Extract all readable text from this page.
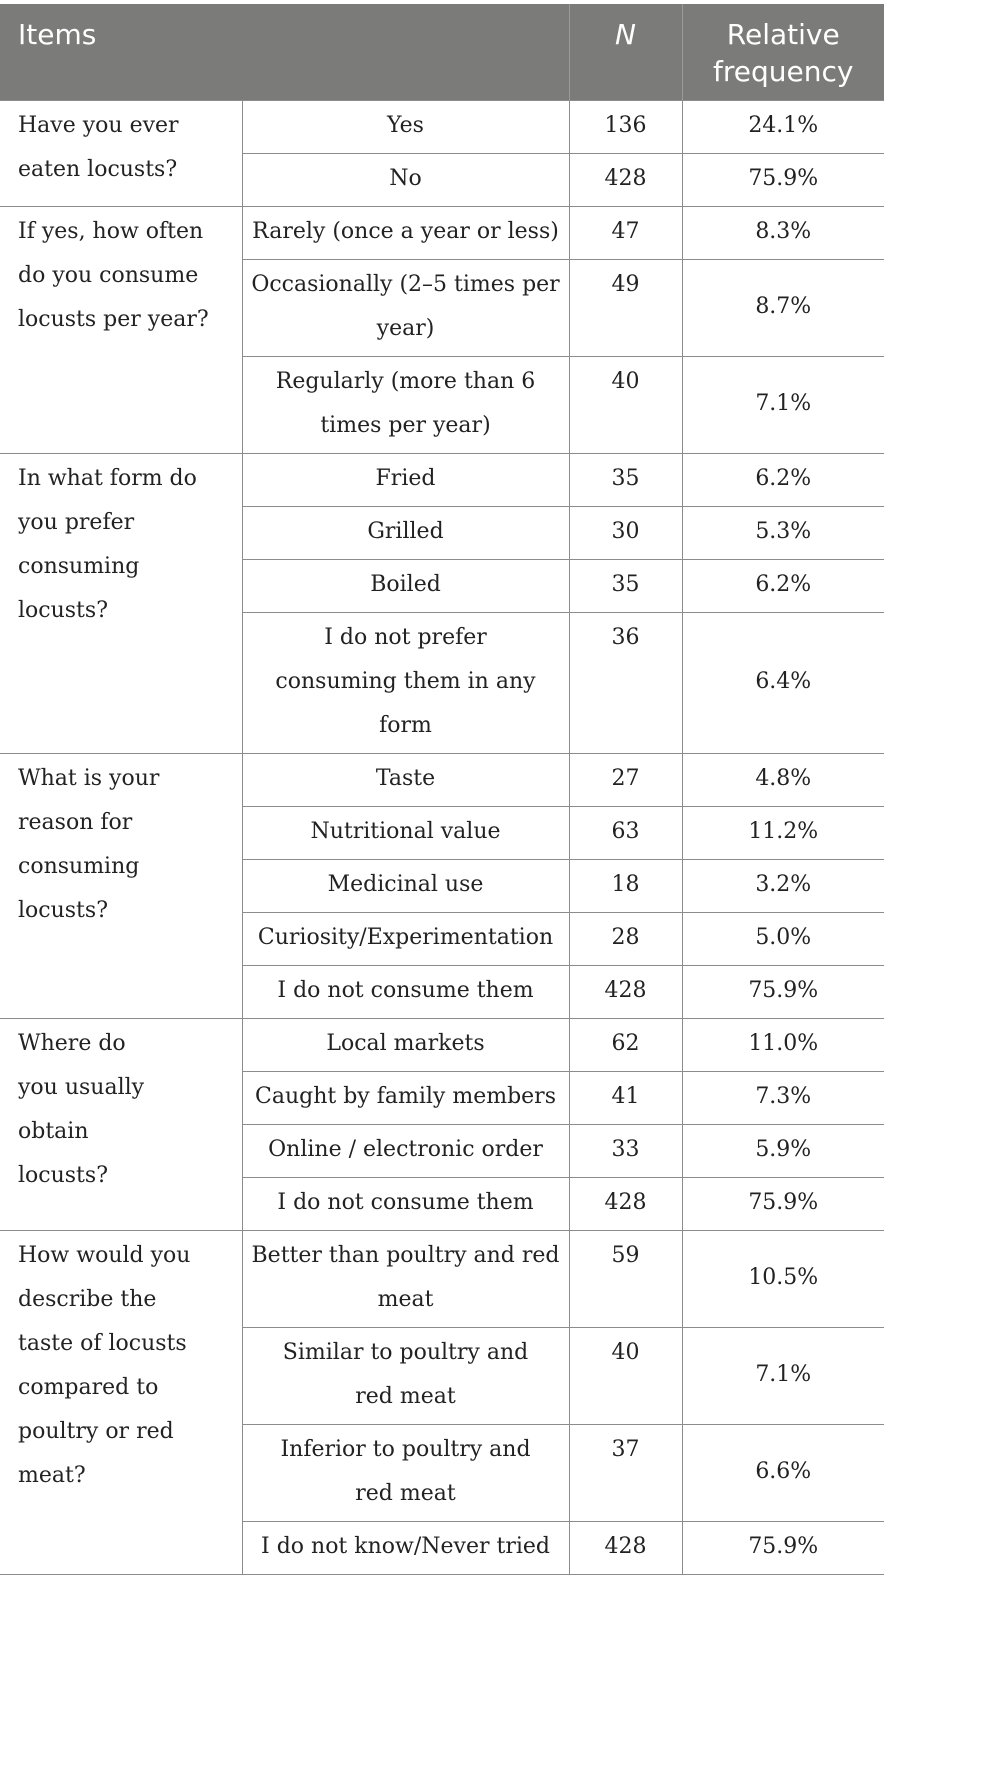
Items		N	Relative frequency
Have you ever eaten locusts?	Yes	136	24.1%

	No	428	75.9%
If yes, how often do you consume locusts per year?	Rarely (once a year or less)	47	8.3%

	Occasionally (2–5 times per year)	49	8.7%

	Regularly (more than 6 times per year)	40	7.1%
In what form do you prefer consuming locusts?	Fried	35	6.2%

	Grilled	30	5.3%

	Boiled	35	6.2%

	I do not prefer consuming them in any form	36	6.4%
What is your reason for consuming locusts?	Taste	27	4.8%

	Nutritional value	63	11.2%

	Medicinal use	18	3.2%

	Curiosity/Experimentation	28	5.0%

	I do not consume them	428	75.9%
Where do you usually obtain locusts?	Local markets	62	11.0%

	Caught by family members	41	7.3%

	Online / electronic order	33	5.9%

	I do not consume them	428	75.9%
How would you describe the taste of locusts compared to poultry or red meat?	Better than poultry and red meat	59	10.5%

	Similar to poultry and red meat	40	7.1%

	Inferior to poultry and red meat	37	6.6%

	I do not know/Never tried	428	75.9%
